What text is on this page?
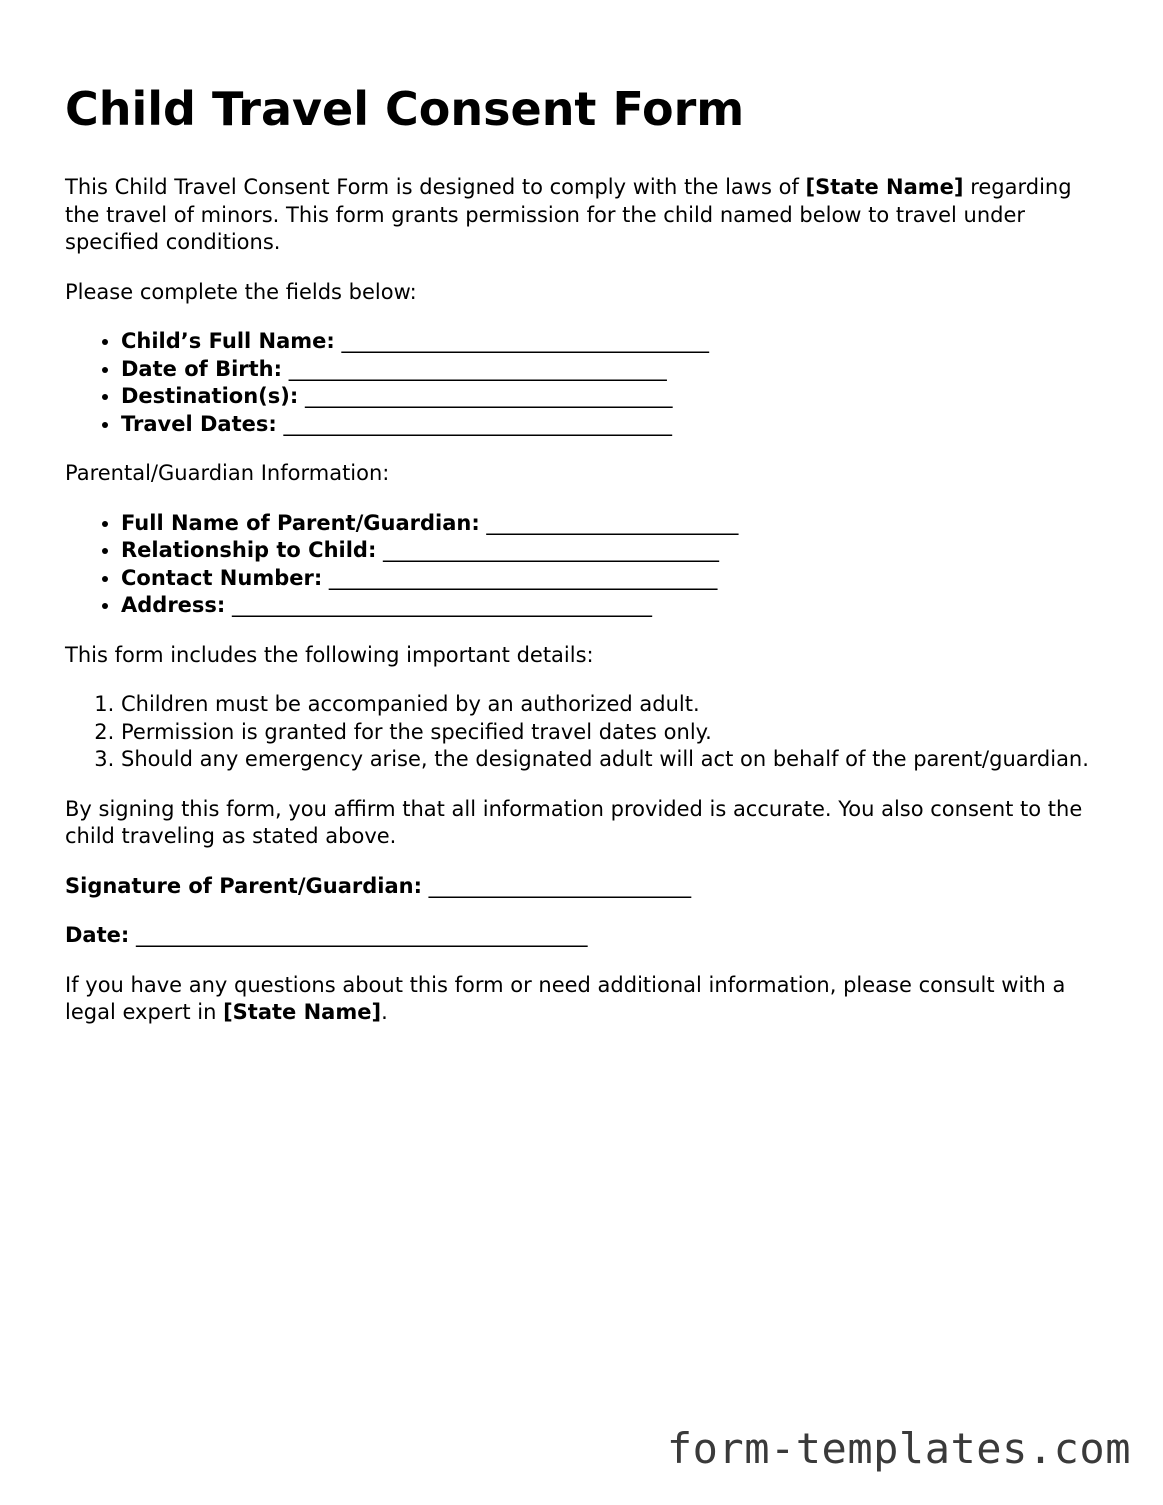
Child Travel Consent Form

This Child Travel Consent Form is designed to comply with the laws of [State Name] regarding the travel of minors. This form grants permission for the child named below to travel under specified conditions.

Please complete the fields below:

• Child’s Full Name: ___________________________________
• Date of Birth: ____________________________________
• Destination(s): ___________________________________
• Travel Dates: _____________________________________

Parental/Guardian Information:

• Full Name of Parent/Guardian: ________________________
• Relationship to Child: ________________________________
• Contact Number: _____________________________________
• Address: ________________________________________

This form includes the following important details:

1. Children must be accompanied by an authorized adult.
2. Permission is granted for the specified travel dates only.
3. Should any emergency arise, the designated adult will act on behalf of the parent/guardian.

By signing this form, you affirm that all information provided is accurate. You also consent to the child traveling as stated above.

Signature of Parent/Guardian: _________________________

Date: ___________________________________________

If you have any questions about this form or need additional information, please consult with a legal expert in [State Name].

form-templates.com
